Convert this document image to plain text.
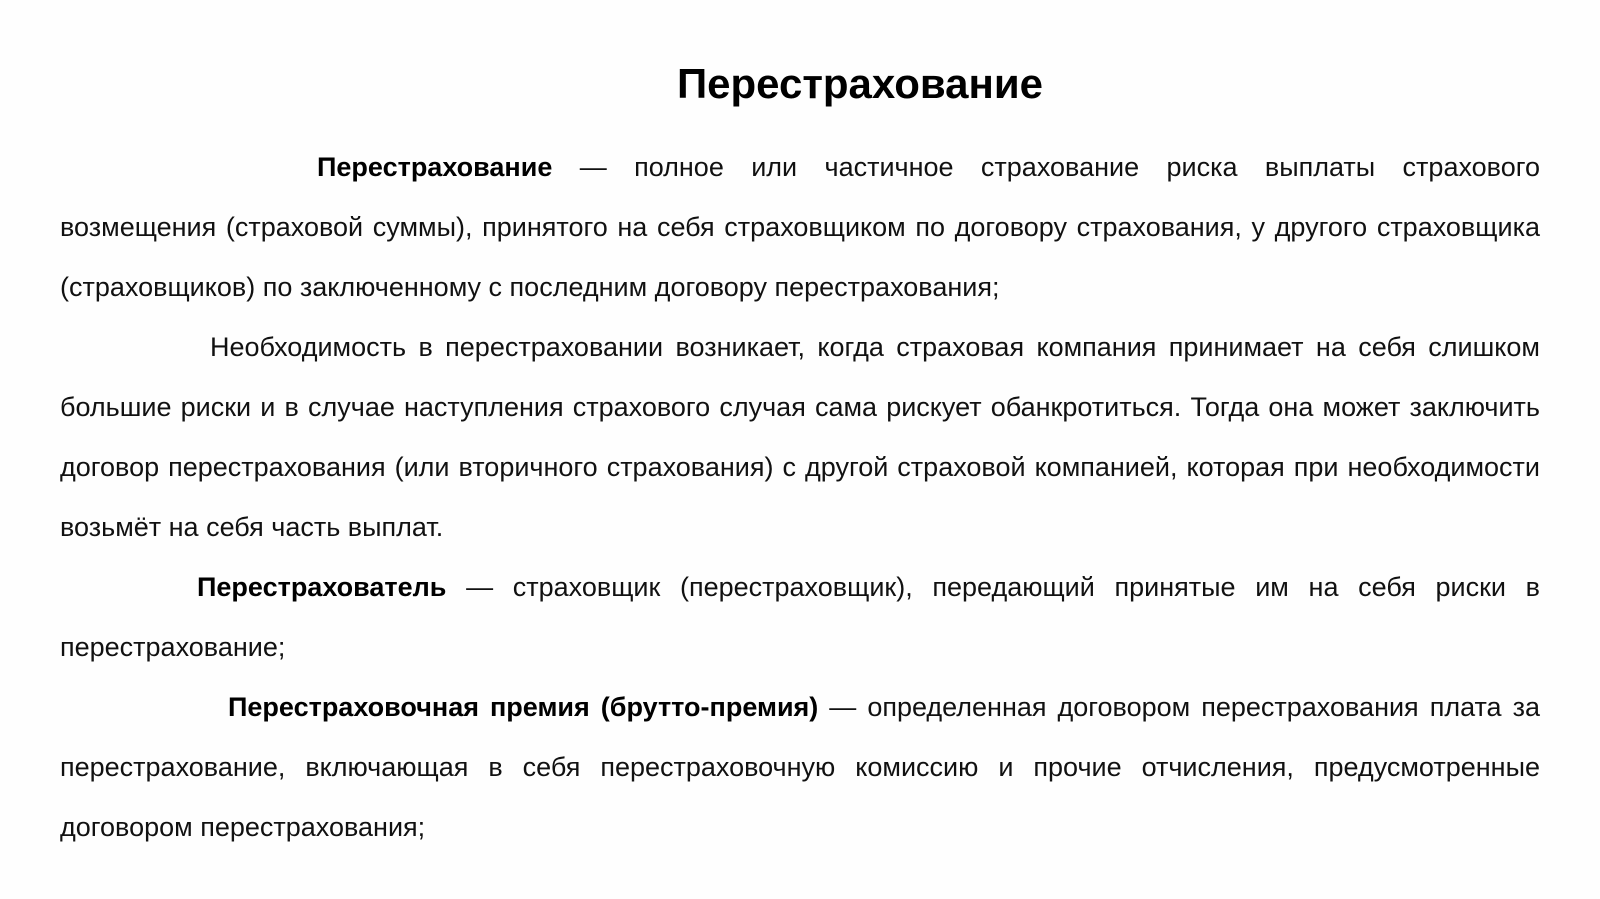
Перестрахование

Перестрахование — полное или частичное страхование риска выплаты страхового возмещения (страховой суммы), принятого на себя страховщиком по договору страхования, у другого страховщика (страховщиков) по заключенному с последним договору перестрахования;

Необходимость в перестраховании возникает, когда страховая компания принимает на себя слишком большие риски и в случае наступления страхового случая сама рискует обанкротиться. Тогда она может заключить договор перестрахования (или вторичного страхования) с другой страховой компанией, которая при необходимости возьмёт на себя часть выплат.

Перестрахователь — страховщик (перестраховщик), передающий принятые им на себя риски в перестрахование;

Перестраховочная премия (брутто-премия) — определенная договором перестрахования плата за перестрахование, включающая в себя перестраховочную комиссию и прочие отчисления, предусмотренные договором перестрахования;
